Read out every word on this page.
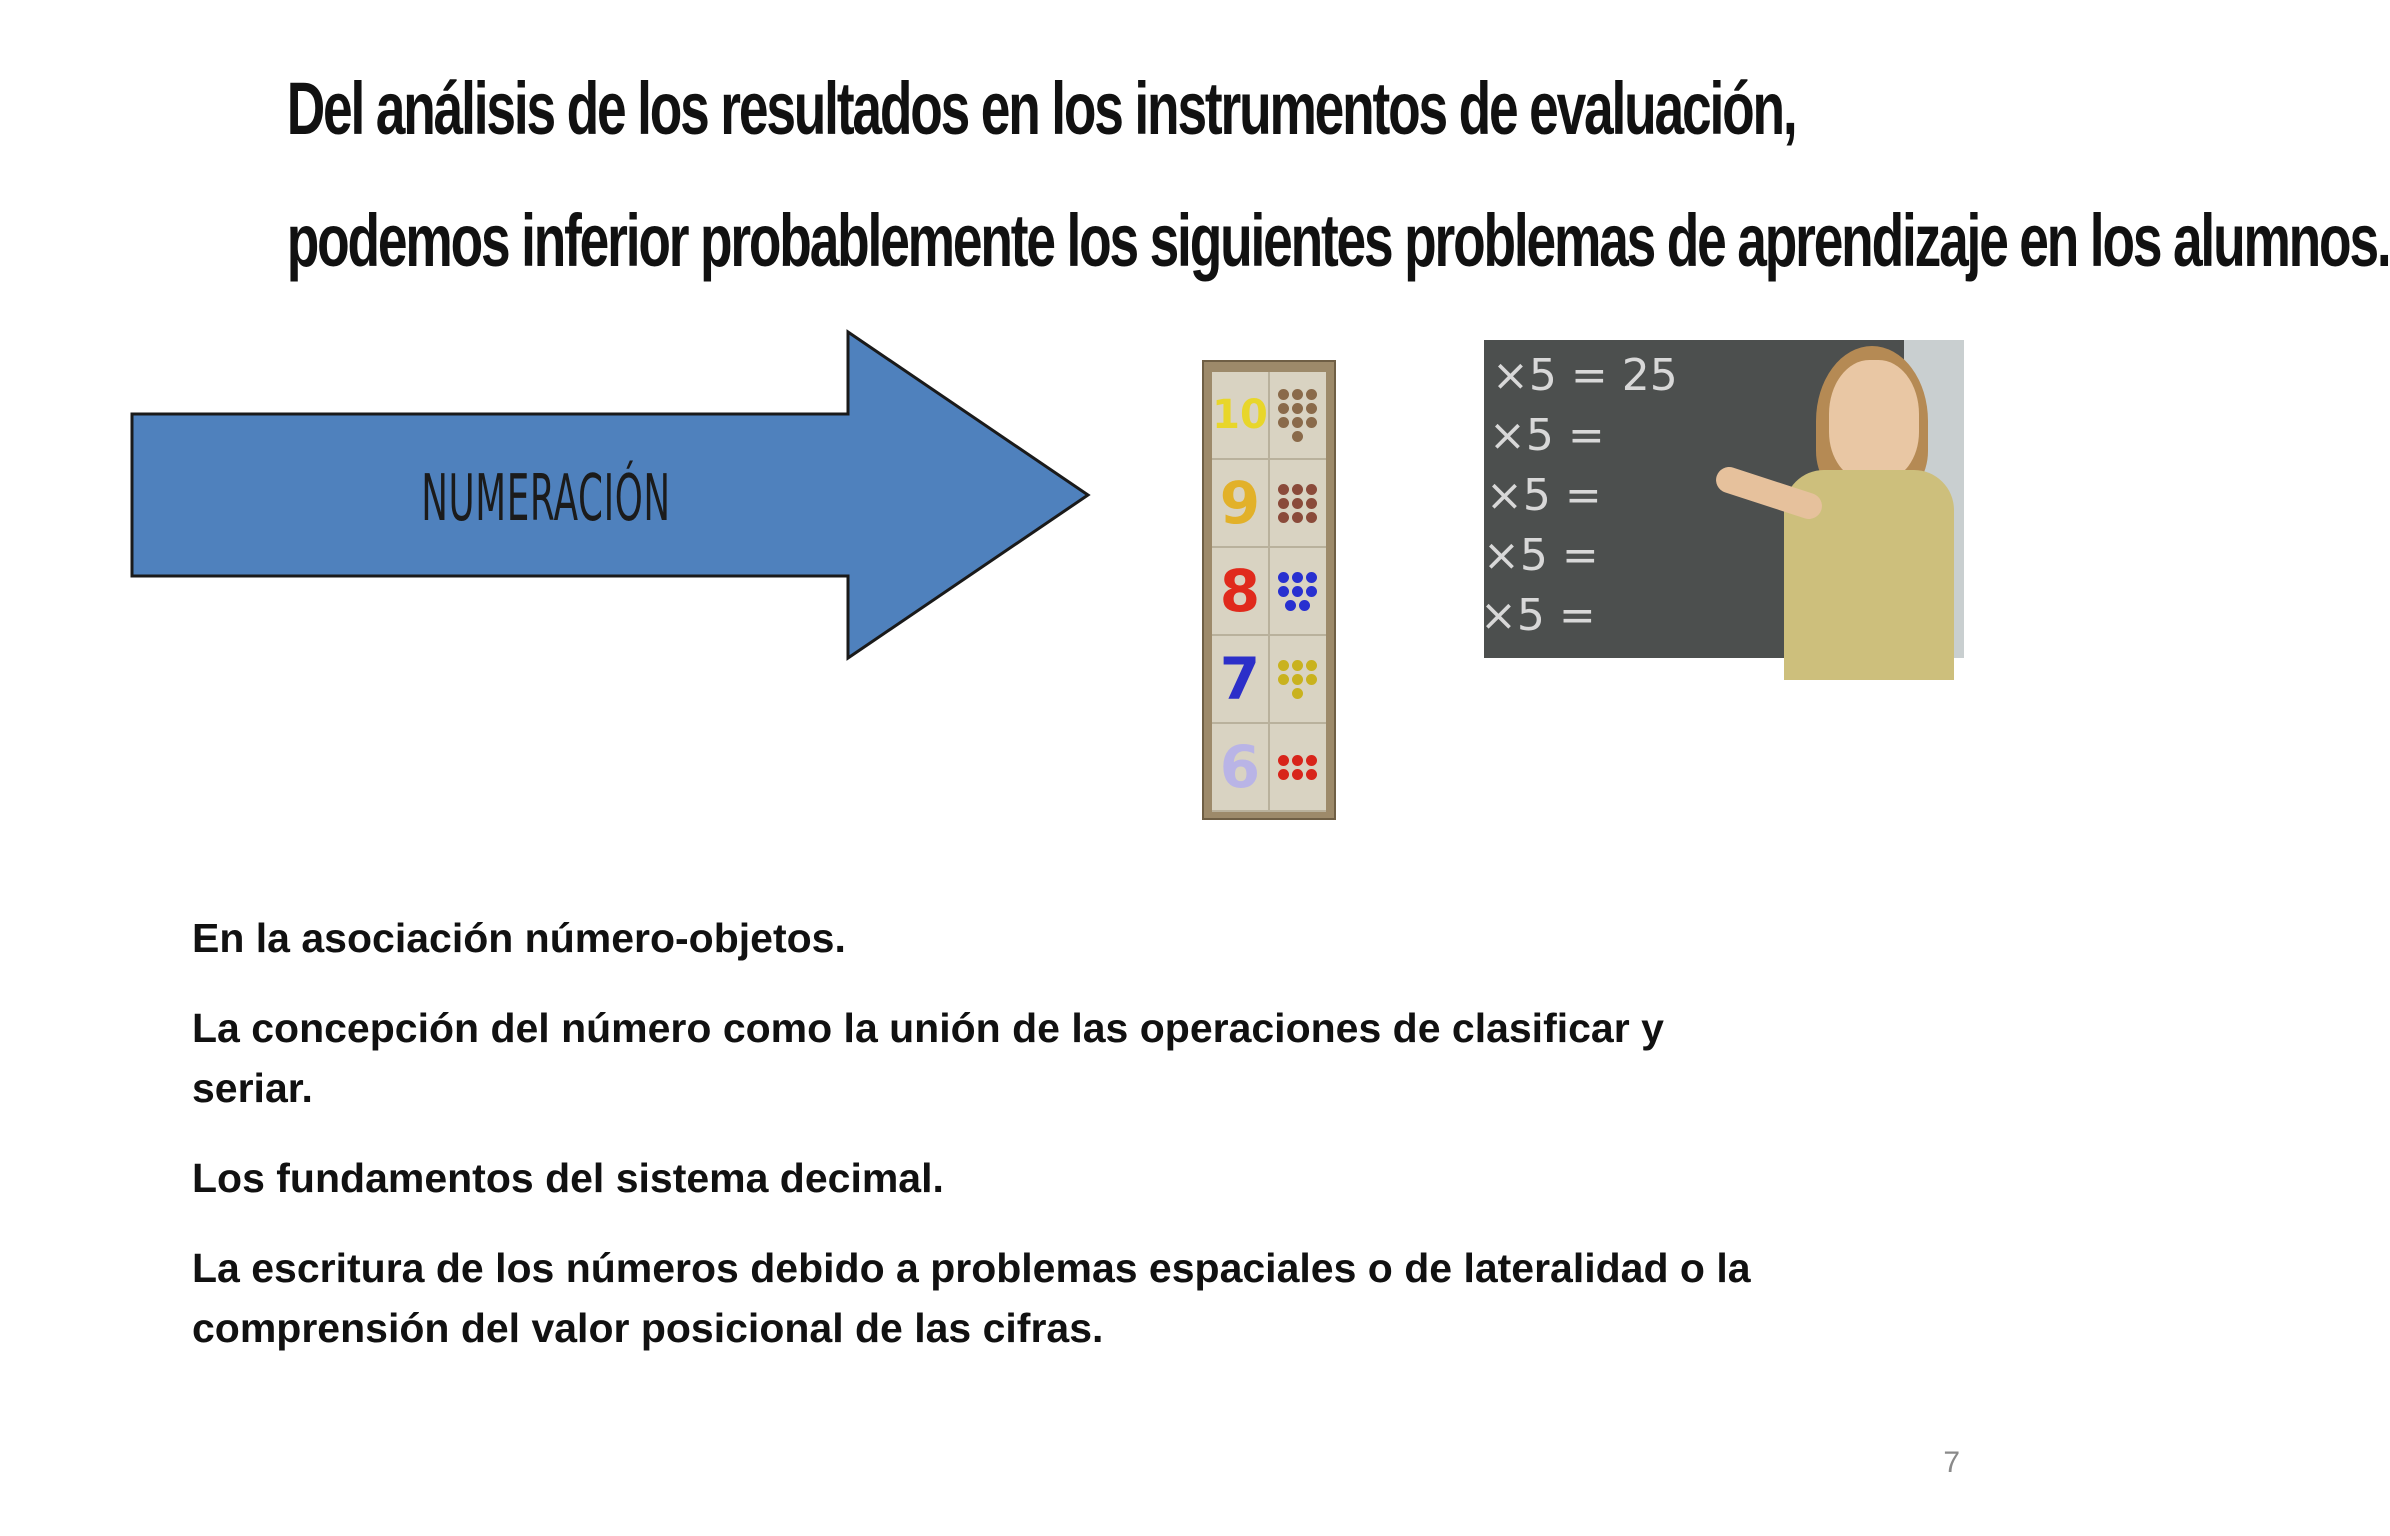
Del análisis de los resultados en los instrumentos de evaluación,
podemos inferior probablemente los siguientes problemas de aprendizaje en los alumnos.
NUMERACIÓN
10
9
8
7
6
×5 = 25
×5 =
×5 =
×5 =
×5 =

En la asociación número-objetos.

La concepción del número como la unión de las operaciones de clasificar y seriar.

Los fundamentos del sistema decimal.

La escritura de los números debido a problemas espaciales o de lateralidad o la comprensión del valor posicional de las cifras.

7
